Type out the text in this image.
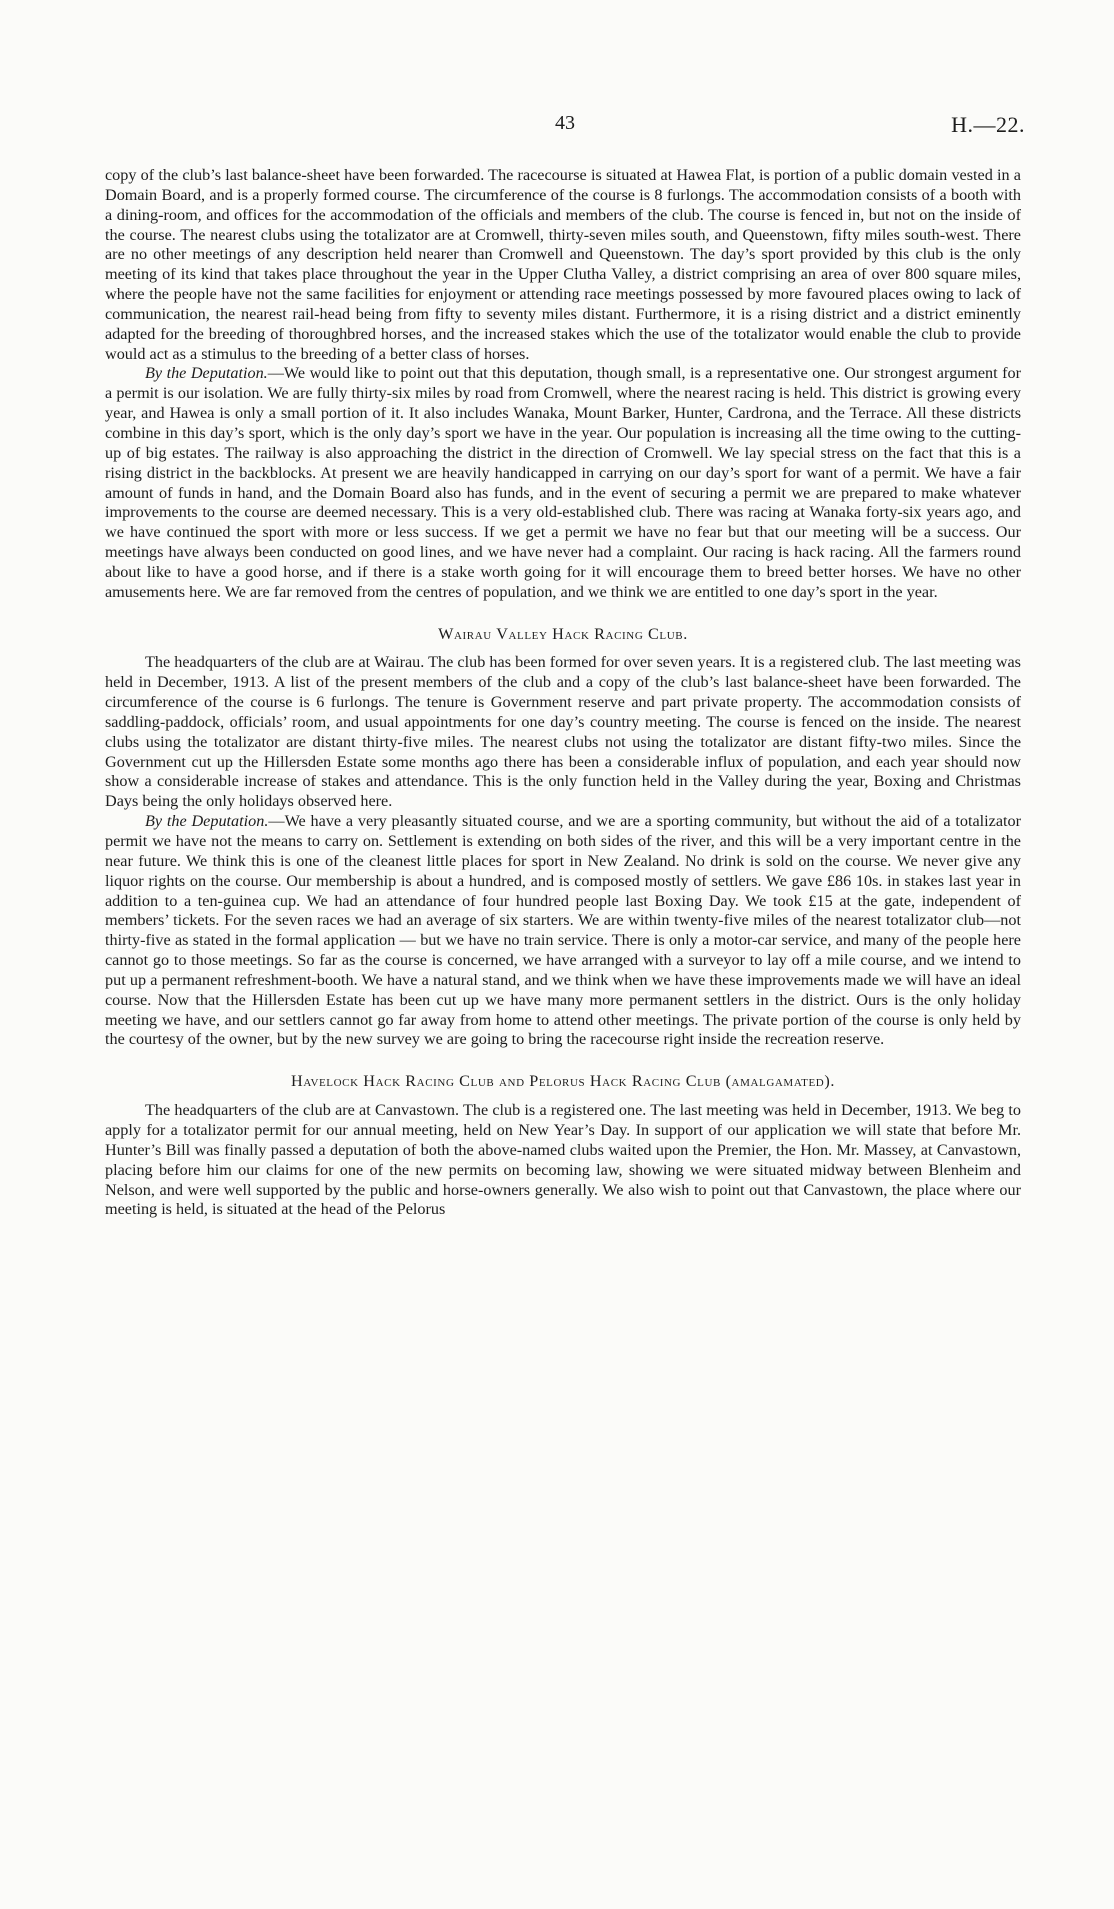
43	H.—22.

copy of the club’s last balance-sheet have been forwarded. The racecourse is situated at Hawea Flat, is portion of a public domain vested in a Domain Board, and is a properly formed course. The circumference of the course is 8 furlongs. The accommodation consists of a booth with a dining-room, and offices for the accommodation of the officials and members of the club. The course is fenced in, but not on the inside of the course. The nearest clubs using the totalizator are at Cromwell, thirty-seven miles south, and Queenstown, fifty miles south-west. There are no other meetings of any description held nearer than Cromwell and Queenstown. The day’s sport provided by this club is the only meeting of its kind that takes place throughout the year in the Upper Clutha Valley, a district comprising an area of over 800 square miles, where the people have not the same facilities for enjoyment or attending race meetings possessed by more favoured places owing to lack of communication, the nearest rail-head being from fifty to seventy miles distant. Furthermore, it is a rising district and a district eminently adapted for the breeding of thoroughbred horses, and the increased stakes which the use of the totalizator would enable the club to provide would act as a stimulus to the breeding of a better class of horses.

By the Deputation.—We would like to point out that this deputation, though small, is a representative one. Our strongest argument for a permit is our isolation. We are fully thirty-six miles by road from Cromwell, where the nearest racing is held. This district is growing every year, and Hawea is only a small portion of it. It also includes Wanaka, Mount Barker, Hunter, Cardrona, and the Terrace. All these districts combine in this day’s sport, which is the only day’s sport we have in the year. Our population is increasing all the time owing to the cutting-up of big estates. The railway is also approaching the district in the direction of Cromwell. We lay special stress on the fact that this is a rising district in the backblocks. At present we are heavily handicapped in carrying on our day’s sport for want of a permit. We have a fair amount of funds in hand, and the Domain Board also has funds, and in the event of securing a permit we are prepared to make whatever improvements to the course are deemed necessary. This is a very old-established club. There was racing at Wanaka forty-six years ago, and we have continued the sport with more or less success. If we get a permit we have no fear but that our meeting will be a success. Our meetings have always been conducted on good lines, and we have never had a complaint. Our racing is hack racing. All the farmers round about like to have a good horse, and if there is a stake worth going for it will encourage them to breed better horses. We have no other amusements here. We are far removed from the centres of population, and we think we are entitled to one day’s sport in the year.

Wairau Valley Hack Racing Club.

The headquarters of the club are at Wairau. The club has been formed for over seven years. It is a registered club. The last meeting was held in December, 1913. A list of the present members of the club and a copy of the club’s last balance-sheet have been forwarded. The circumference of the course is 6 furlongs. The tenure is Government reserve and part private property. The accommodation consists of saddling-paddock, officials’ room, and usual appointments for one day’s country meeting. The course is fenced on the inside. The nearest clubs using the totalizator are distant thirty-five miles. The nearest clubs not using the totalizator are distant fifty-two miles. Since the Government cut up the Hillersden Estate some months ago there has been a considerable influx of population, and each year should now show a considerable increase of stakes and attendance. This is the only function held in the Valley during the year, Boxing and Christmas Days being the only holidays observed here.

By the Deputation.—We have a very pleasantly situated course, and we are a sporting community, but without the aid of a totalizator permit we have not the means to carry on. Settlement is extending on both sides of the river, and this will be a very important centre in the near future. We think this is one of the cleanest little places for sport in New Zealand. No drink is sold on the course. We never give any liquor rights on the course. Our membership is about a hundred, and is composed mostly of settlers. We gave £86 10s. in stakes last year in addition to a ten-guinea cup. We had an attendance of four hundred people last Boxing Day. We took £15 at the gate, independent of members’ tickets. For the seven races we had an average of six starters. We are within twenty-five miles of the nearest totalizator club—not thirty-five as stated in the formal application — but we have no train service. There is only a motor-car service, and many of the people here cannot go to those meetings. So far as the course is concerned, we have arranged with a surveyor to lay off a mile course, and we intend to put up a permanent refreshment-booth. We have a natural stand, and we think when we have these improvements made we will have an ideal course. Now that the Hillersden Estate has been cut up we have many more permanent settlers in the district. Ours is the only holiday meeting we have, and our settlers cannot go far away from home to attend other meetings. The private portion of the course is only held by the courtesy of the owner, but by the new survey we are going to bring the racecourse right inside the recreation reserve.

Havelock Hack Racing Club and Pelorus Hack Racing Club (amalgamated).

The headquarters of the club are at Canvastown. The club is a registered one. The last meeting was held in December, 1913. We beg to apply for a totalizator permit for our annual meeting, held on New Year’s Day. In support of our application we will state that before Mr. Hunter’s Bill was finally passed a deputation of both the above-named clubs waited upon the Premier, the Hon. Mr. Massey, at Canvastown, placing before him our claims for one of the new permits on becoming law, showing we were situated midway between Blenheim and Nelson, and were well supported by the public and horse-owners generally. We also wish to point out that Canvastown, the place where our meeting is held, is situated at the head of the Pelorus
